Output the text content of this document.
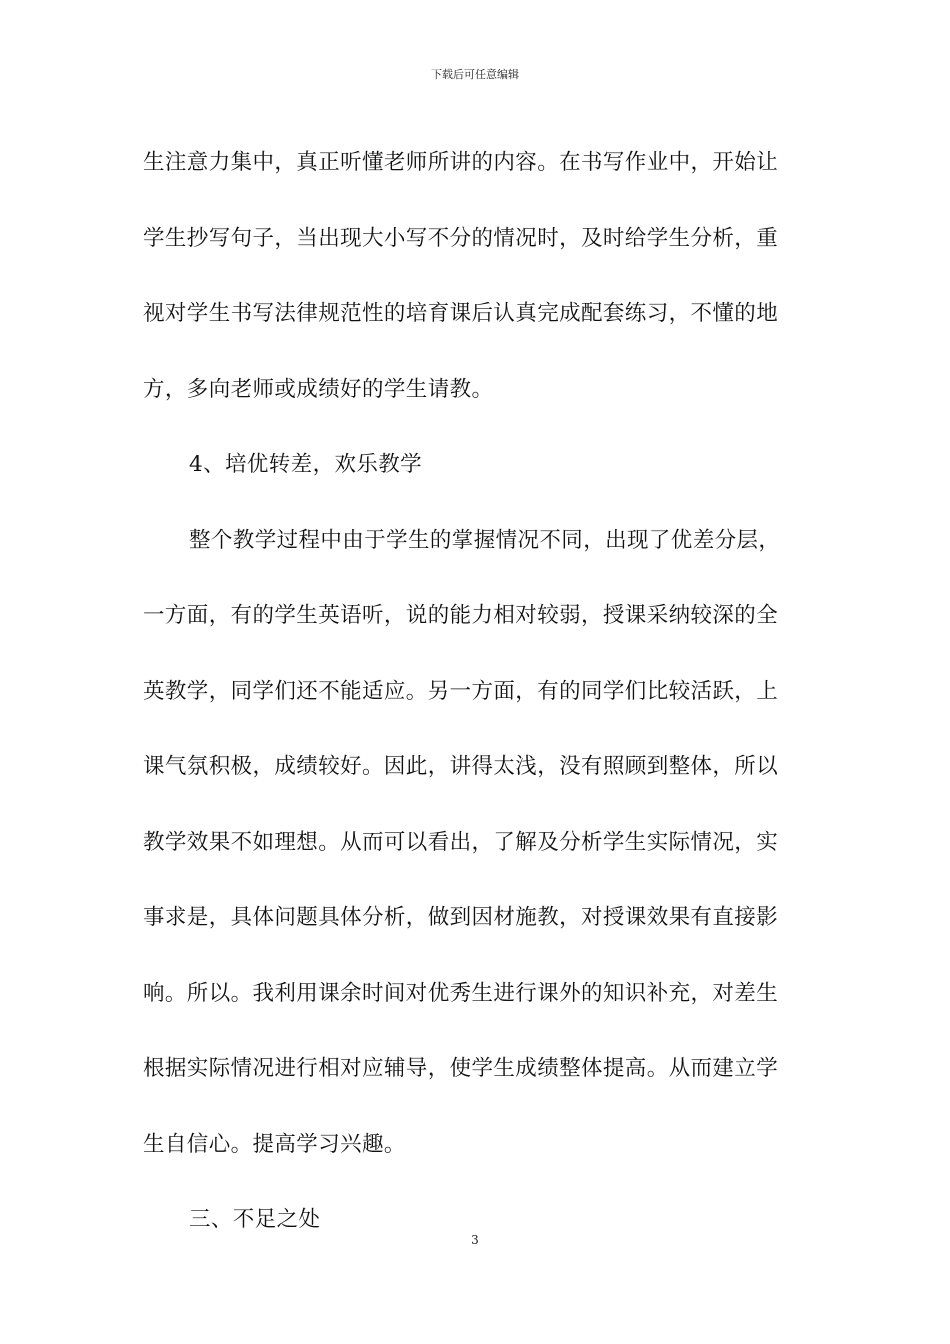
下载后可任意编辑
生注意力集中，真正听懂老师所讲的内容。在书写作业中，开始让
学生抄写句子，当出现大小写不分的情况时，及时给学生分析，重
视对学生书写法律规范性的培育课后认真完成配套练习，不懂的地
方，多向老师或成绩好的学生请教。
4、培优转差，欢乐教学
整个教学过程中由于学生的掌握情况不同，出现了优差分层，
一方面，有的学生英语听，说的能力相对较弱，授课采纳较深的全
英教学，同学们还不能适应。另一方面，有的同学们比较活跃，上
课气氛积极，成绩较好。因此，讲得太浅，没有照顾到整体，所以
教学效果不如理想。从而可以看出，了解及分析学生实际情况，实
事求是，具体问题具体分析，做到因材施教，对授课效果有直接影
响。所以。我利用课余时间对优秀生进行课外的知识补充，对差生
根据实际情况进行相对应辅导，使学生成绩整体提高。从而建立学
生自信心。提高学习兴趣。
三、不足之处
3
